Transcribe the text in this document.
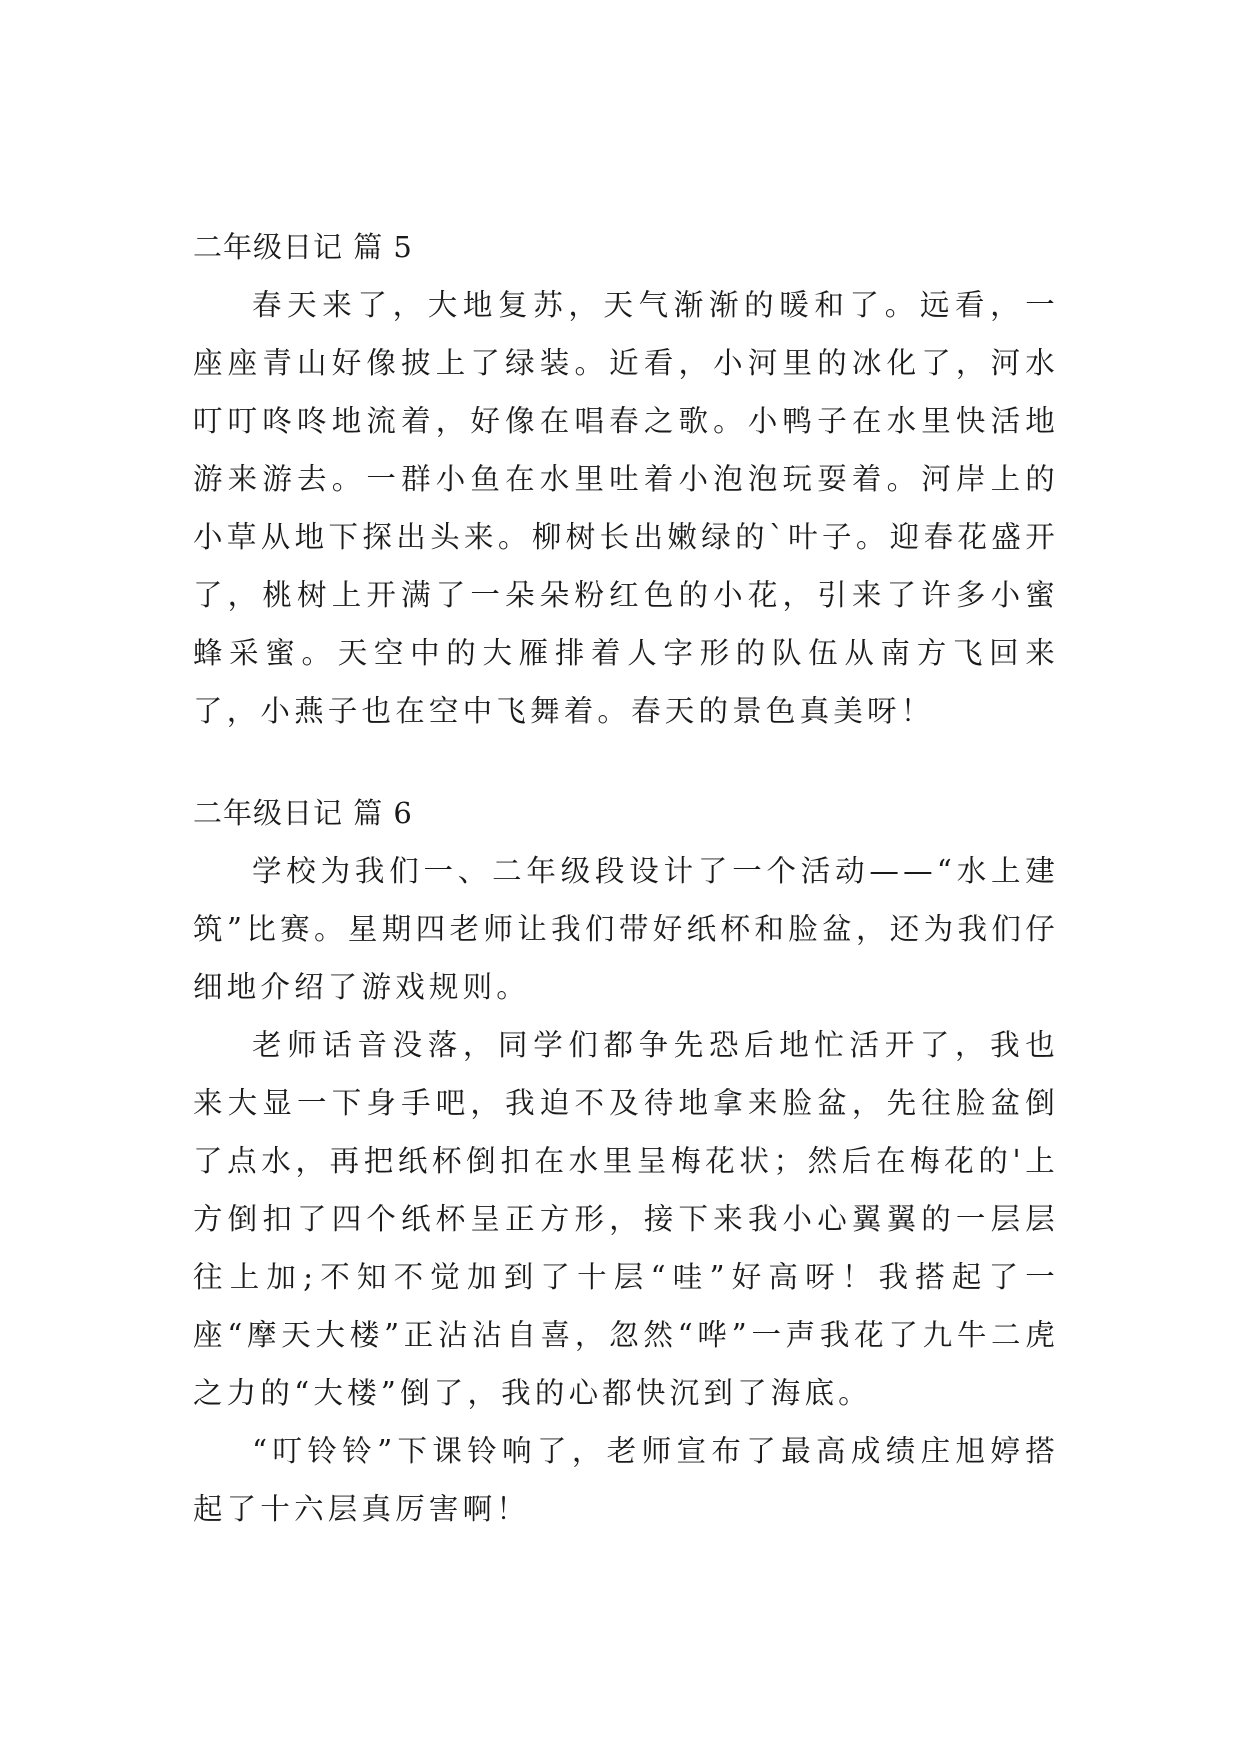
二年级日记 篇 5

春天来了，大地复苏，天气渐渐的暖和了。远看，一座座青山好像披上了绿装。近看，小河里的冰化了，河水叮叮咚咚地流着，好像在唱春之歌。小鸭子在水里快活地游来游去。一群小鱼在水里吐着小泡泡玩耍着。河岸上的小草从地下探出头来。柳树长出嫩绿的`叶子。迎春花盛开了，桃树上开满了一朵朵粉红色的小花，引来了许多小蜜蜂采蜜。天空中的大雁排着人字形的队伍从南方飞回来了，小燕子也在空中飞舞着。春天的景色真美呀！

二年级日记 篇 6

学校为我们一、二年级段设计了一个活动——“水上建筑”比赛。星期四老师让我们带好纸杯和脸盆，还为我们仔细地介绍了游戏规则。

老师话音没落，同学们都争先恐后地忙活开了，我也来大显一下身手吧，我迫不及待地拿来脸盆，先往脸盆倒了点水，再把纸杯倒扣在水里呈梅花状；然后在梅花的'上方倒扣了四个纸杯呈正方形，接下来我小心翼翼的一层层往上加;不知不觉加到了十层“哇”好高呀！我搭起了一座“摩天大楼”正沾沾自喜，忽然“哗”一声我花了九牛二虎之力的“大楼”倒了，我的心都快沉到了海底。

“叮铃铃”下课铃响了，老师宣布了最高成绩庄旭婷搭起了十六层真厉害啊！
